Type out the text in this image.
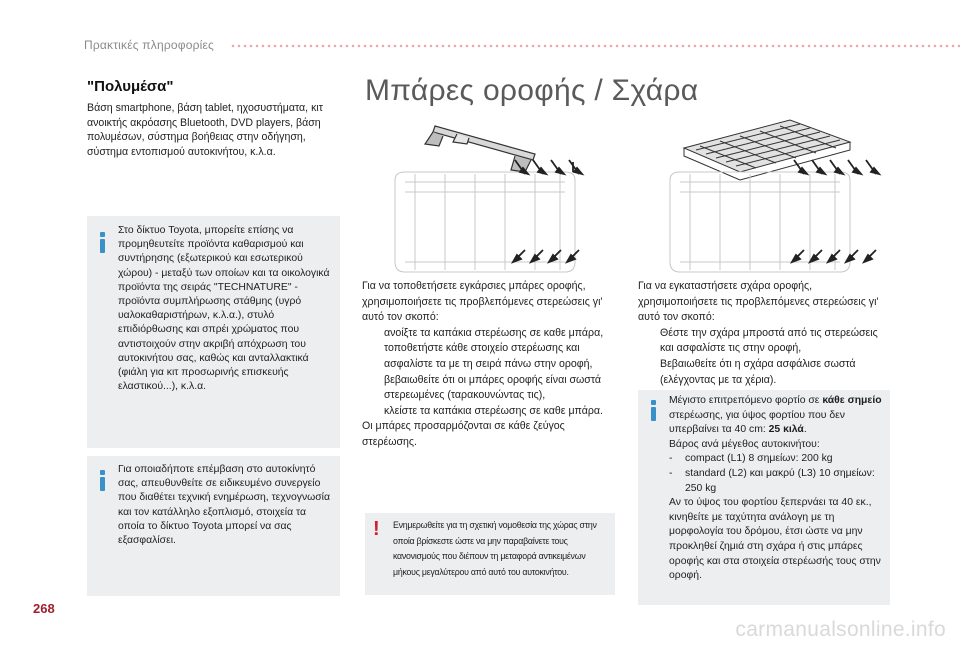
Πρακτικές πληροφορίες
"Πολυμέσα"
Βάση smartphone, βάση tablet, ηχοσυστήματα, κιτ ανοικτής ακρόασης Bluetooth, DVD players, βάση πολυμέσων, σύστημα βοήθειας στην οδήγηση, σύστημα εντοπισμού αυτοκινήτου, κ.λ.α.
Στο δίκτυο Toyota, μπορείτε επίσης να προμηθευτείτε προϊόντα καθαρισμού και συντήρησης (εξωτερικού και εσωτερικού χώρου) - μεταξύ των οποίων και τα οικολογικά προϊόντα της σειράς "TECHNATURE" - προϊόντα συμπλήρωσης στάθμης (υγρό υαλοκαθαριστήρων, κ.λ.α.), στυλό επιδιόρθωσης και σπρέι χρώματος που αντιστοιχούν στην ακριβή απόχρωση του αυτοκινήτου σας, καθώς και ανταλλακτικά (φιάλη για κιτ προσωρινής επισκευής ελαστικού...), κ.λ.α.
Για οποιαδήποτε επέμβαση στο αυτοκίνητό σας, απευθυνθείτε σε ειδικευμένο συνεργείο που διαθέτει τεχνική ενημέρωση, τεχνογνωσία και τον κατάλληλο εξοπλισμό, στοιχεία τα οποία το δίκτυο Toyota μπορεί να σας εξασφαλίσει.
Μπάρες οροφής / Σχάρα
Για να τοποθετήσετε εγκάρσιες μπάρες οροφής, χρησιμοποιήσετε τις προβλεπόμενες στερεώσεις γι' αυτό τον σκοπό:
ανοίξτε τα καπάκια στερέωσης σε καθε μπάρα,
τοποθετήστε κάθε στοιχείο στερέωσης και ασφαλίστε τα με τη σειρά πάνω στην οροφή,
βεβαιωθείτε ότι οι μπάρες οροφής είναι σωστά στερεωμένες (ταρακουνώντας τις),
κλείστε τα καπάκια στερέωσης σε καθε μπάρα.
Οι μπάρες προσαρμόζονται σε κάθε ζεύγος στερέωσης.
! Ενημερωθείτε για τη σχετική νομοθεσία της χώρας στην οποία βρίσκεστε ώστε να μην παραβαίνετε τους κανονισμούς που διέπουν τη μεταφορά αντικειμένων μήκους μεγαλύτερου από αυτό του αυτοκινήτου.
Για να εγκαταστήσετε σχάρα οροφής, χρησιμοποιήσετε τις προβλεπόμενες στερεώσεις γι' αυτό τον σκοπό:
Θέστε την σχάρα μπροστά από τις στερεώσεις και ασφαλίστε τις στην οροφή,
Βεβαιωθείτε ότι η σχάρα ασφάλισε σωστά (ελέγχοντας με τα χέρια).
Μέγιστο επιτρεπόμενο φορτίο σε κάθε σημείο στερέωσης, για ύψος φορτίου που δεν υπερβαίνει τα 40 cm: 25 κιλά.
Βάρος ανά μέγεθος αυτοκινήτου:
- compact (L1) 8 σημείων: 200 kg
- standard (L2) και μακρύ (L3) 10 σημείων: 250 kg
Αν το ύψος του φορτίου ξεπερνάει τα 40 εκ., κινηθείτε με ταχύτητα ανάλογη με τη μορφολογία του δρόμου, έτσι ώστε να μην προκληθεί ζημιά στη σχάρα ή στις μπάρες οροφής και στα στοιχεία στερέωσής τους στην οροφή.
268
carmanualsonline.info
